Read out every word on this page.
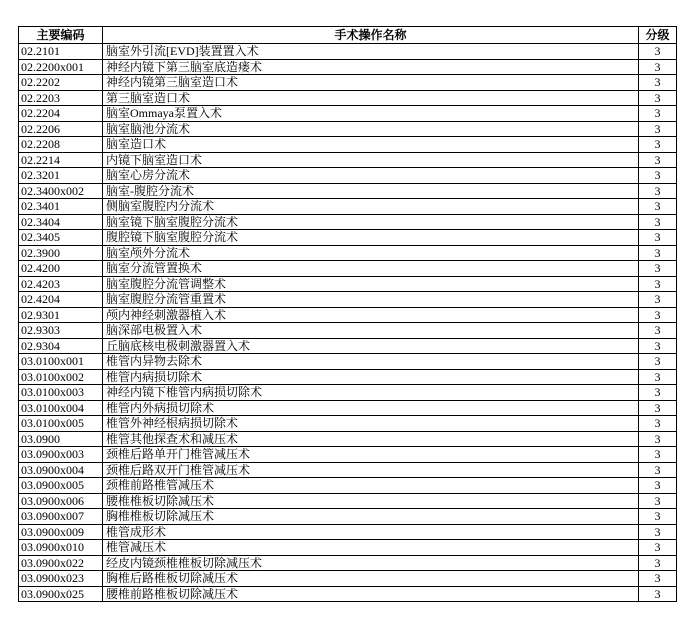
主要编码	手术操作名称	分级
02.2101	脑室外引流[EVD]装置置入术	3
02.2200x001	神经内镜下第三脑室底造瘘术	3
02.2202	神经内镜第三脑室造口术	3
02.2203	第三脑室造口术	3
02.2204	脑室Ommaya泵置入术	3
02.2206	脑室脑池分流术	3
02.2208	脑室造口术	3
02.2214	内镜下脑室造口术	3
02.3201	脑室心房分流术	3
02.3400x002	脑室-腹腔分流术	3
02.3401	侧脑室腹腔内分流术	3
02.3404	脑室镜下脑室腹腔分流术	3
02.3405	腹腔镜下脑室腹腔分流术	3
02.3900	脑室颅外分流术	3
02.4200	脑室分流管置换术	3
02.4203	脑室腹腔分流管调整术	3
02.4204	脑室腹腔分流管重置术	3
02.9301	颅内神经刺激器植入术	3
02.9303	脑深部电极置入术	3
02.9304	丘脑底核电极刺激器置入术	3
03.0100x001	椎管内异物去除术	3
03.0100x002	椎管内病损切除术	3
03.0100x003	神经内镜下椎管内病损切除术	3
03.0100x004	椎管内外病损切除术	3
03.0100x005	椎管外神经根病损切除术	3
03.0900	椎管其他探查术和减压术	3
03.0900x003	颈椎后路单开门椎管减压术	3
03.0900x004	颈椎后路双开门椎管减压术	3
03.0900x005	颈椎前路椎管减压术	3
03.0900x006	腰椎椎板切除减压术	3
03.0900x007	胸椎椎板切除减压术	3
03.0900x009	椎管成形术	3
03.0900x010	椎管减压术	3
03.0900x022	经皮内镜颈椎椎板切除减压术	3
03.0900x023	胸椎后路椎板切除减压术	3
03.0900x025	腰椎前路椎板切除减压术	3
